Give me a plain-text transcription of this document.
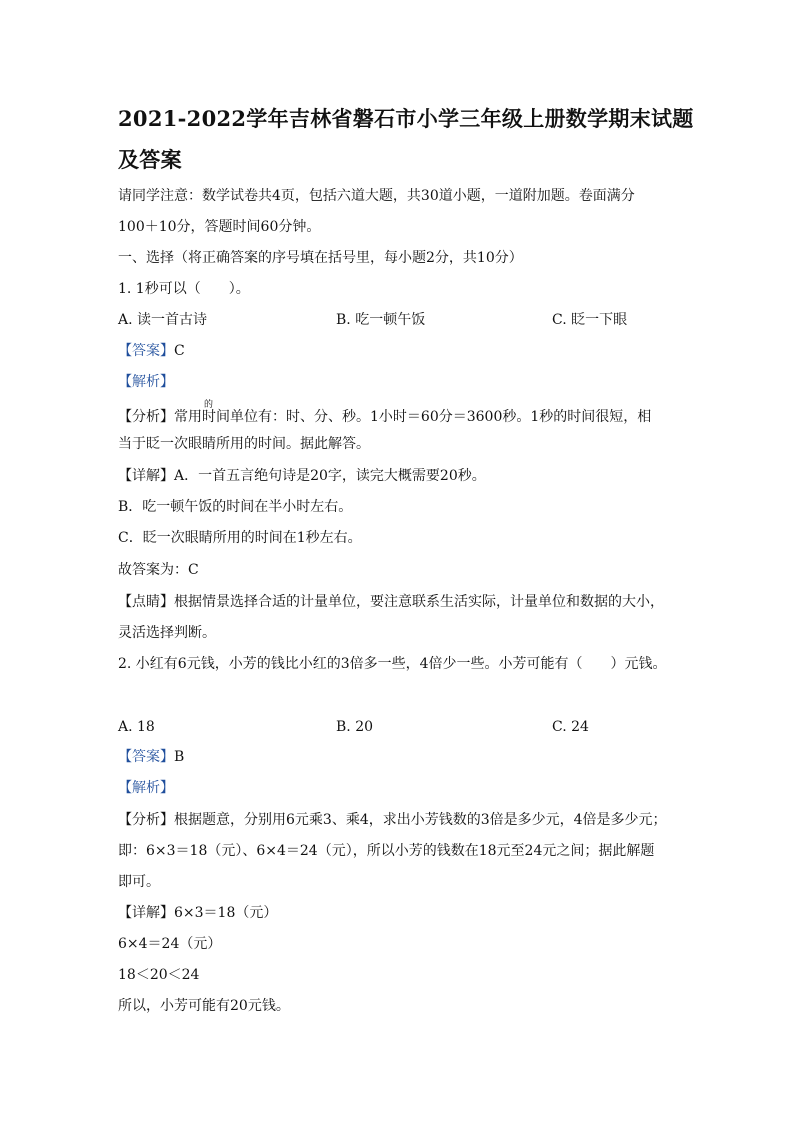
2021-2022学年吉林省磐石市小学三年级上册数学期末试题
及答案
请同学注意：数学试卷共4页，包括六道大题，共30道小题，一道附加题。卷面满分
100＋10分，答题时间60分钟。
一、选择（将正确答案的序号填在括号里，每小题2分，共10分）
1. 1秒可以（　　）。
A. 读一首古诗	B. 吃一顿午饭	C. 眨一下眼
【答案】C
【解析】
【分析】常用时间单位有：时、分、秒。1小时＝60分＝3600秒。1秒的时间很短，相
的
当于眨一次眼睛所用的时间。据此解答。
【详解】A．一首五言绝句诗是20字，读完大概需要20秒。
B．吃一顿午饭的时间在半小时左右。
C．眨一次眼睛所用的时间在1秒左右。
故答案为：C
【点睛】根据情景选择合适的计量单位，要注意联系生活实际，计量单位和数据的大小，
灵活选择判断。
2. 小红有6元钱，小芳的钱比小红的3倍多一些，4倍少一些。小芳可能有（　　）元钱。
A. 18	B. 20	C. 24
【答案】B
【解析】
【分析】根据题意，分别用6元乘3、乘4，求出小芳钱数的3倍是多少元，4倍是多少元；
即：6×3＝18（元）、6×4＝24（元），所以小芳的钱数在18元至24元之间；据此解题
即可。
【详解】6×3＝18（元）
6×4＝24（元）
18＜20＜24
所以，小芳可能有20元钱。
